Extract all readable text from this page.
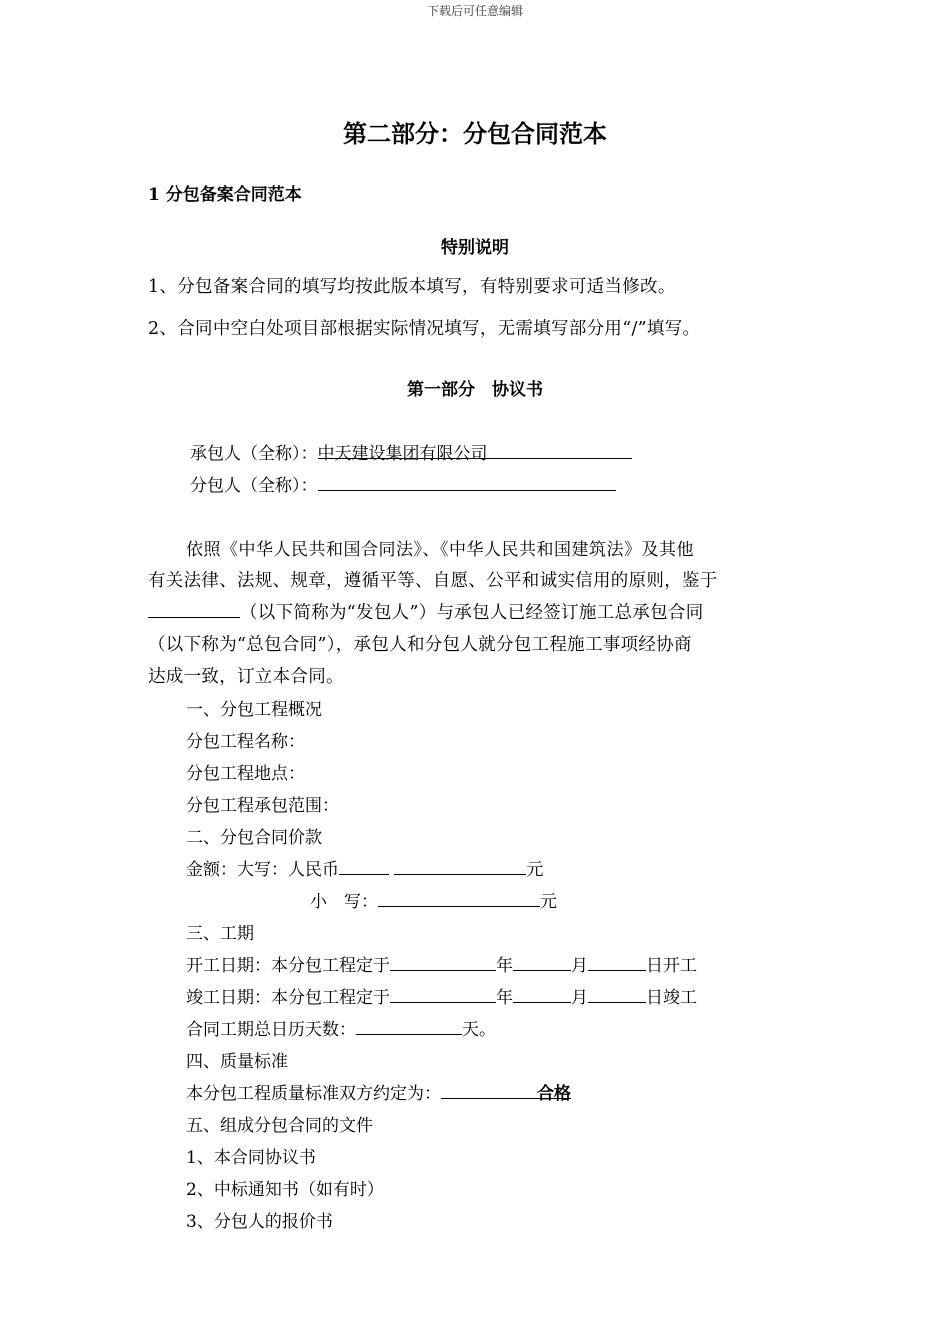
下载后可任意编辑
第二部分：分包合同范本
1 分包备案合同范本
特别说明
1、分包备案合同的填写均按此版本填写，有特别要求可适当修改。
2、合同中空白处项目部根据实际情况填写，无需填写部分用“/”填写。
第一部分　协议书
承包人（全称）： 中天建设集团有限公司
分包人（全称）：
依照《中华人民共和国合同法》、《中华人民共和国建筑法》及其他
有关法律、法规、规章，遵循平等、自愿、公平和诚实信用的原则，鉴于
（以下简称为“发包人”）与承包人已经签订施工总承包合同
（以下称为“总包合同”），承包人和分包人就分包工程施工事项经协商
达成一致，订立本合同。
一、分包工程概况
分包工程名称：
分包工程地点：
分包工程承包范围：
二、分包合同价款
金额：大写：人民币	元
小　写：	元
三、工期
开工日期：本分包工程定于	年	月	日开工
竣工日期：本分包工程定于	年	月	日竣工
合同工期总日历天数：	天。
四、质量标准
本分包工程质量标准双方约定为：	合格
五、组成分包合同的文件
1、本合同协议书
2、中标通知书（如有时）
3、分包人的报价书
